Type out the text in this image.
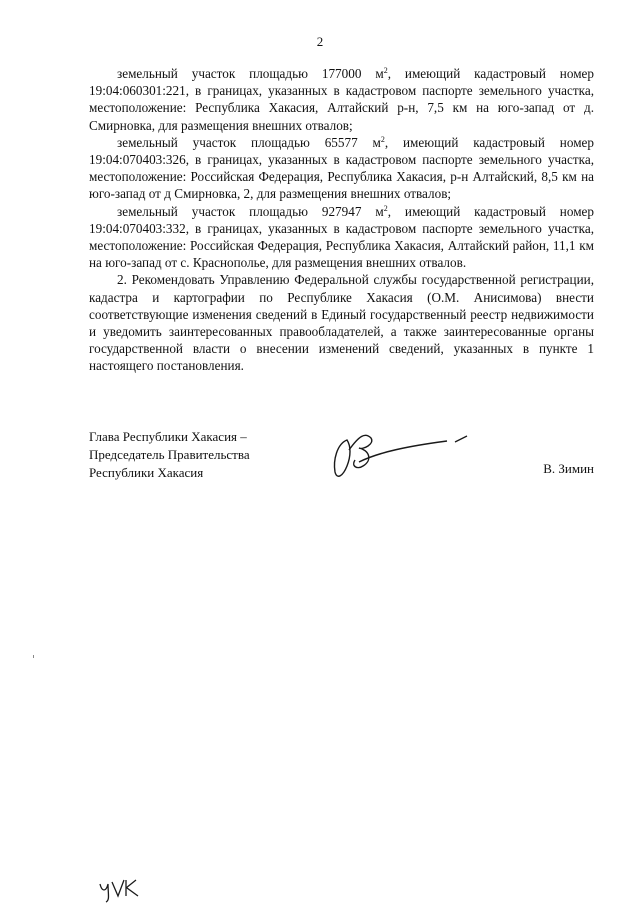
2

земельный участок площадью 177000 $м^2$, имеющий кадастровый номер 19:04:060301:221, в границах, указанных в кадастровом паспорте земельного участка, местоположение: Республика Хакасия, Алтайский р-н, 7,5 км на юго-запад от д. Смирновка, для размещения внешних отвалов;

земельный участок площадью 65577 $м^2$, имеющий кадастровый номер 19:04:070403:326, в границах, указанных в кадастровом паспорте земельного участка, местоположение: Российская Федерация, Республика Хакасия, р-н Алтайский, 8,5 км на юго-запад от д Смирновка, 2, для размещения внешних отвалов;

земельный участок площадью 927947 $м^2$, имеющий кадастровый номер 19:04:070403:332, в границах, указанных в кадастровом паспорте земельного участка, местоположение: Российская Федерация, Республика Хакасия, Алтайский район, 11,1 км на юго-запад от с. Краснополье, для размещения внешних отвалов.

2. Рекомендовать Управлению Федеральной службы государственной регистрации, кадастра и картографии по Республике Хакасия (О.М. Анисимова) внести соответствующие изменения сведений в Единый государственный реестр недвижимости и уведомить заинтересованных правообладателей, а также заинтересованные органы государственной власти о внесении изменений сведений, указанных в пункте 1 настоящего постановления.

Глава Республики Хакасия –
Председатель Правительства
Республики Хакасия	В. Зимин
